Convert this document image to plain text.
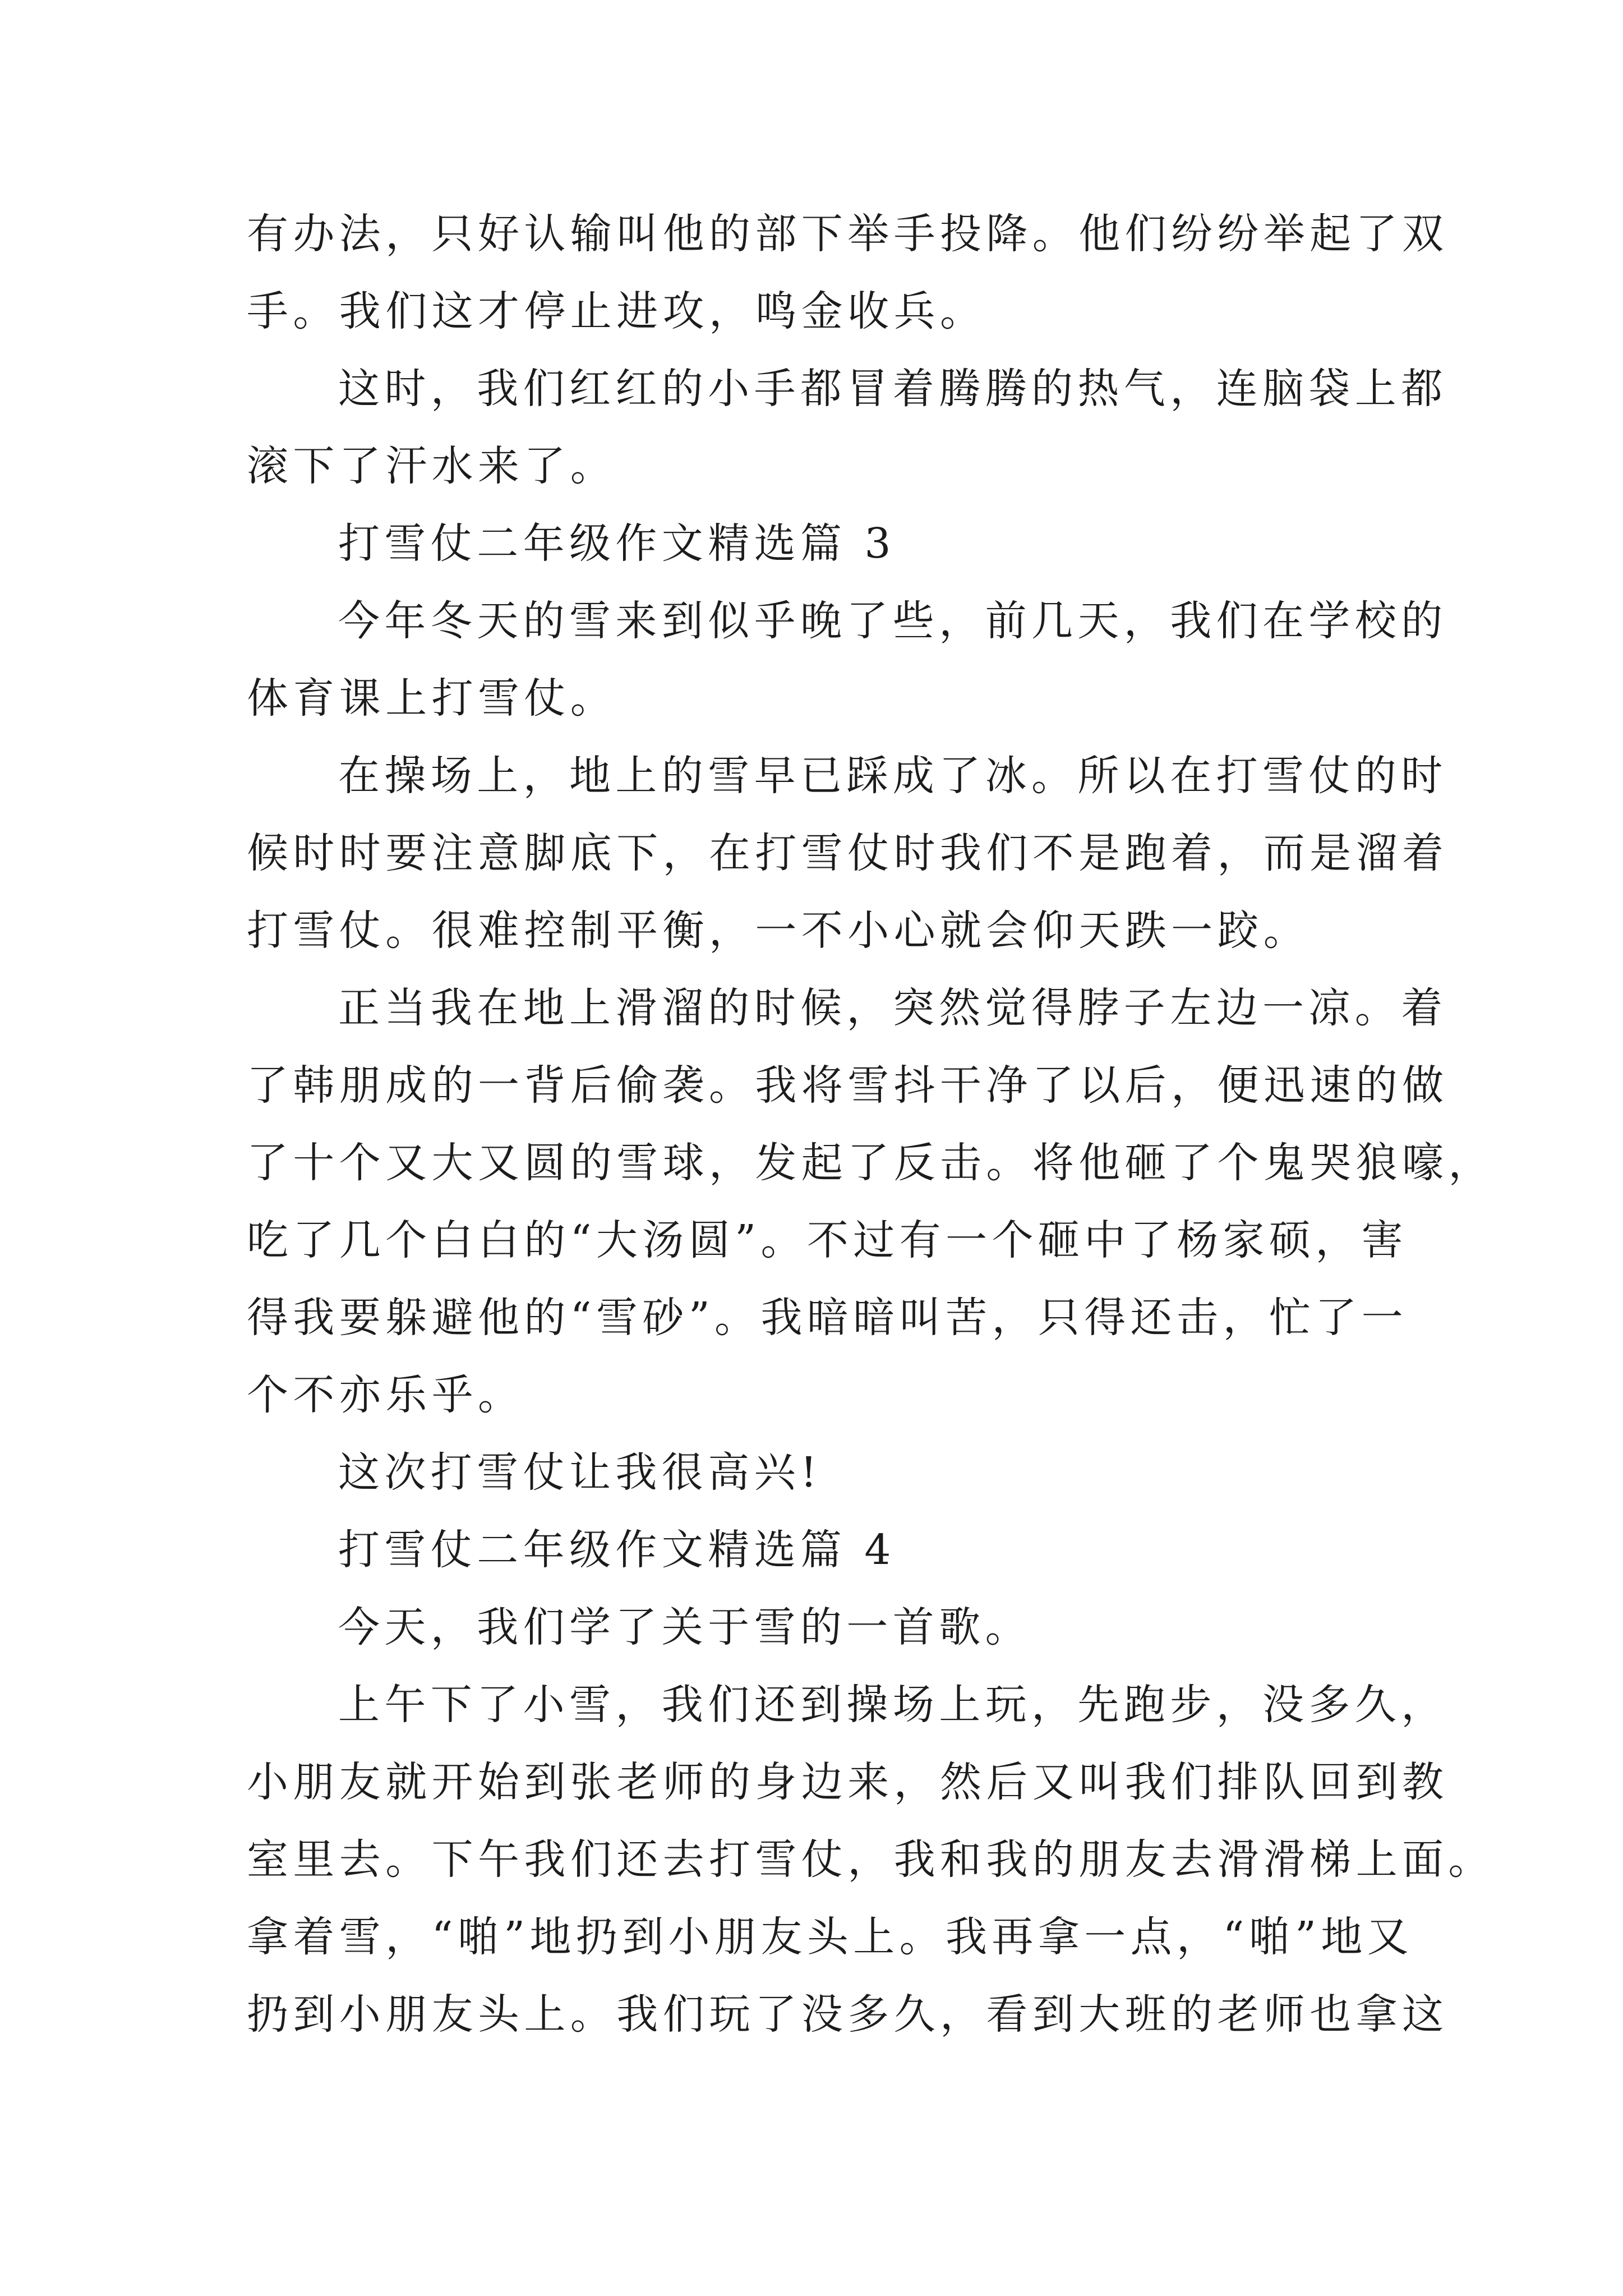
有办法，只好认输叫他的部下举手投降。他们纷纷举起了双
手。我们这才停止进攻，鸣金收兵。
这时，我们红红的小手都冒着腾腾的热气，连脑袋上都
滚下了汗水来了。
打雪仗二年级作文精选篇 3
今年冬天的雪来到似乎晚了些，前几天，我们在学校的
体育课上打雪仗。
在操场上，地上的雪早已踩成了冰。所以在打雪仗的时
候时时要注意脚底下，在打雪仗时我们不是跑着，而是溜着
打雪仗。很难控制平衡，一不小心就会仰天跌一跤。
正当我在地上滑溜的时候，突然觉得脖子左边一凉。着
了韩朋成的一背后偷袭。我将雪抖干净了以后，便迅速的做
了十个又大又圆的雪球，发起了反击。将他砸了个鬼哭狼嚎，
吃了几个白白的“大汤圆”。不过有一个砸中了杨家硕，害
得我要躲避他的“雪砂”。我暗暗叫苦，只得还击，忙了一
个不亦乐乎。
这次打雪仗让我很高兴!
打雪仗二年级作文精选篇 4
今天，我们学了关于雪的一首歌。
上午下了小雪，我们还到操场上玩，先跑步，没多久，
小朋友就开始到张老师的身边来，然后又叫我们排队回到教
室里去。下午我们还去打雪仗，我和我的朋友去滑滑梯上面。
拿着雪，“啪”地扔到小朋友头上。我再拿一点，“啪”地又
扔到小朋友头上。我们玩了没多久，看到大班的老师也拿这
